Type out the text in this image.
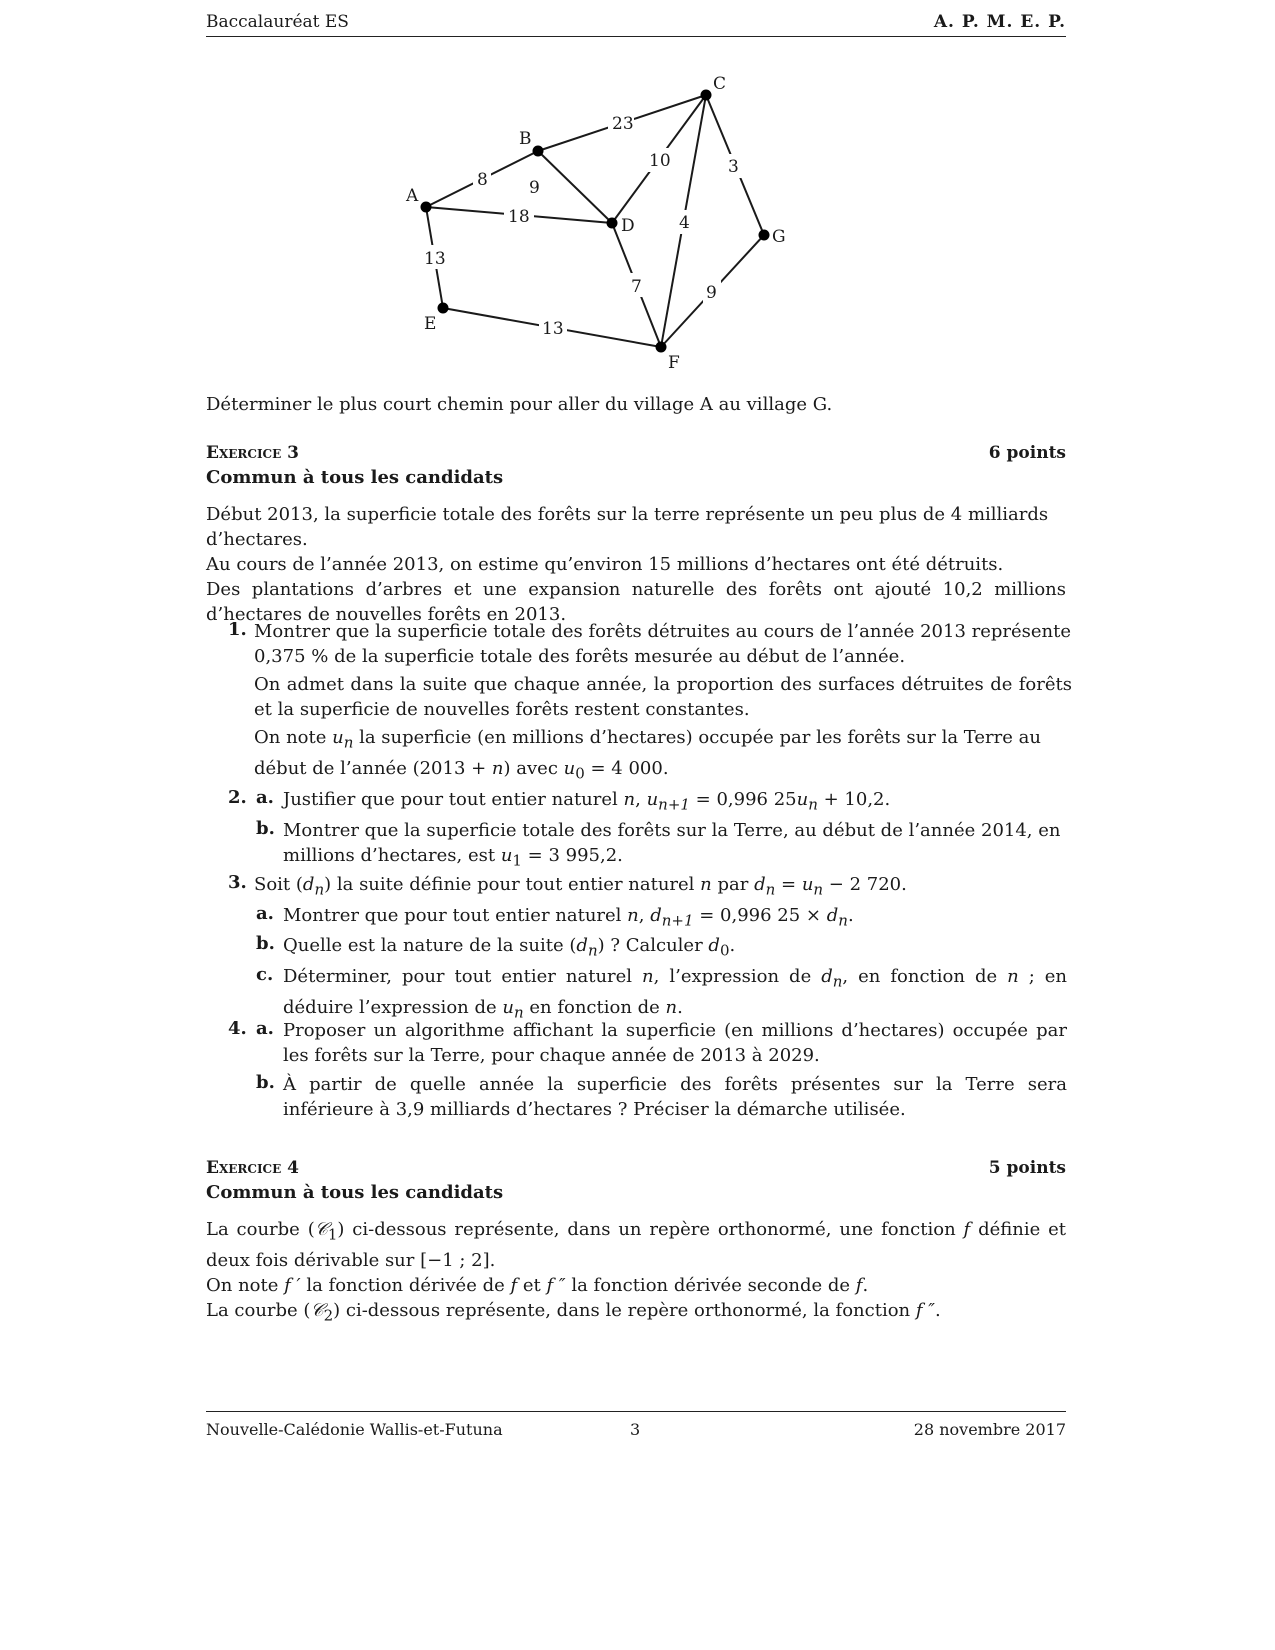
Baccalauréat ES	A. P. M. E. P.
A
B
C
D
E
F
G
23
9
8
18
13
10
4
3
7
13
9
Déterminer le plus court chemin pour aller du village A au village G.
Exercice 3	6 points
Commun à tous les candidats
Début 2013, la superficie totale des forêts sur la terre représente un peu plus de 4 milliards d’hectares.
Au cours de l’année 2013, on estime qu’environ 15 millions d’hectares ont été détruits.
Des plantations d’arbres et une expansion naturelle des forêts ont ajouté 10,2 millions d’hectares de nouvelles forêts en 2013.
1. Montrer que la superficie totale des forêts détruites au cours de l’année 2013 représente 0,375 % de la superficie totale des forêts mesurée au début de l’année.
On admet dans la suite que chaque année, la proportion des surfaces détruites de forêts et la superficie de nouvelles forêts restent constantes.
On note $u_n$ la superficie (en millions d’hectares) occupée par les forêts sur la Terre au début de l’année (2013 + n) avec $u_0 = 4$ 000.
2. a. Justifier que pour tout entier naturel n, $u_{n+1} = 0,996$ $25u_n + 10,2$.
b. Montrer que la superficie totale des forêts sur la Terre, au début de l’année 2014, en millions d’hectares, est $u_1 = 3$ 995,2.
3. Soit $(d_n)$ la suite définie pour tout entier naturel n par $d_n = u_n - 2$ 720.
a. Montrer que pour tout entier naturel n, $d_{n+1} = 0,996$ $25 \times d_n$.
b. Quelle est la nature de la suite $(d_n)$ ? Calculer $d_0$.
c. Déterminer, pour tout entier naturel n, l’expression de $d_n$, en fonction de n ; en déduire l’expression de $u_n$ en fonction de n.
4. a. Proposer un algorithme affichant la superficie (en millions d’hectares) occupée par les forêts sur la Terre, pour chaque année de 2013 à 2029.
b. À partir de quelle année la superficie des forêts présentes sur la Terre sera inférieure à 3,9 milliards d’hectares ? Préciser la démarche utilisée.
Exercice 4	5 points
Commun à tous les candidats
La courbe (𝒞$_1$) ci-dessous représente, dans un repère orthonormé, une fonction f définie et deux fois dérivable sur [−1 ; 2].
On note f ′ la fonction dérivée de f et f ″ la fonction dérivée seconde de f.
La courbe (𝒞$_2$) ci-dessous représente, dans le repère orthonormé, la fonction f ″.
Nouvelle-Calédonie Wallis-et-Futuna	3	28 novembre 2017
